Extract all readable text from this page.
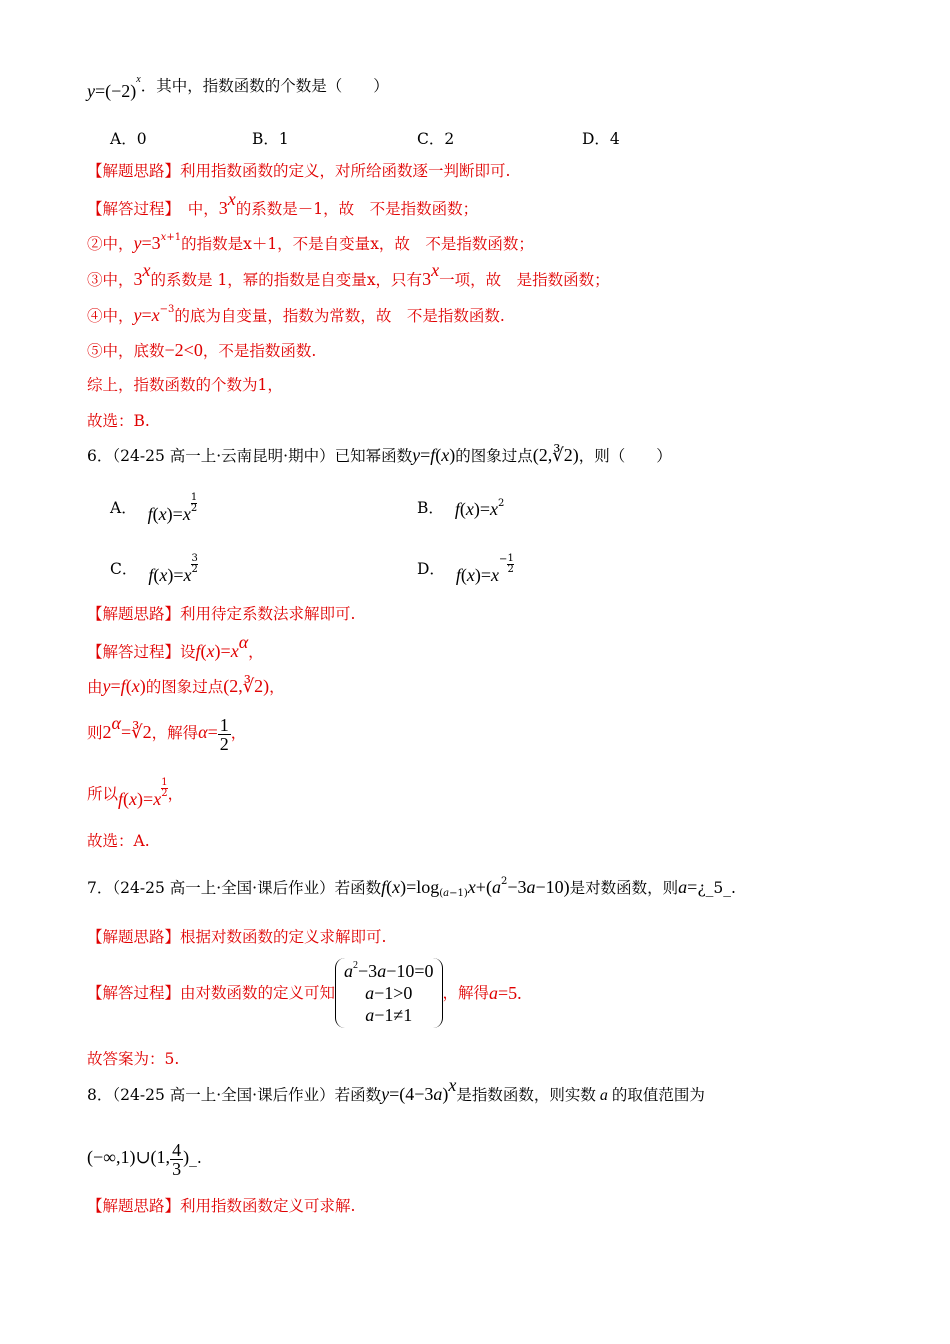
$y=(-2)^x$．其中，指数函数的个数是（　　）
A．0	B．1	C．2	D．4
【解题思路】利用指数函数的定义，对所给函数逐一判断即可.
【解答过程】　中，3$^x$的系数是－1，故　不是指数函数；
②中，$y=3^{x+1}$的指数是x＋1，不是自变量x，故　不是指数函数；
③中，3$^x$的系数是 1，幂的指数是自变量x，只有3$^x$一项，故　是指数函数；
④中，$y=x^{-3}$的底为自变量，指数为常数，故　不是指数函数.
⑤中，底数−2<0，不是指数函数.
综上，指数函数的个数为1，
故选：B.
6．（24-25 高一上·云南昆明·期中）已知幂函数y=f(x)的图象过点(2,∛2)，则（　　）
A． $f(x)=x \frac{1}{2}$	B． $f(x)=x^2$
C． $f(x)=x \frac{3}{2}$	D． $f(x)=x^- \frac{1}{2}$
【解题思路】利用待定系数法求解即可.
【解答过程】设$f(x)=x^\alpha$，
由y=f(x)的图象过点(2,∛2)，
则$2^\alpha=∛2$，解得$\alpha= \frac{1}{2}$ ，
所以$f(x)=x \frac{1}{2}$ ，
故选：A.
7．（24-25 高一上·全国·课后作业）若函数$f(x)=\log_{(a-1)}x+(a^2-3a-10)$是对数函数，则a=¿_5_.
【解题思路】根据对数函数的定义求解即可.
【解答过程】由对数函数的定义可知
$a^2-3a-10=0$
a−1>0
a−1≠1
，解得a=5.
故答案为：5.
8．（24-25 高一上·全国·课后作业）若函数$y=(4-3a)^x$是指数函数，则实数 a 的取值范围为
(−∞,1)∪(1, $\frac{4}{3}$ )_.
【解题思路】利用指数函数定义可求解.
